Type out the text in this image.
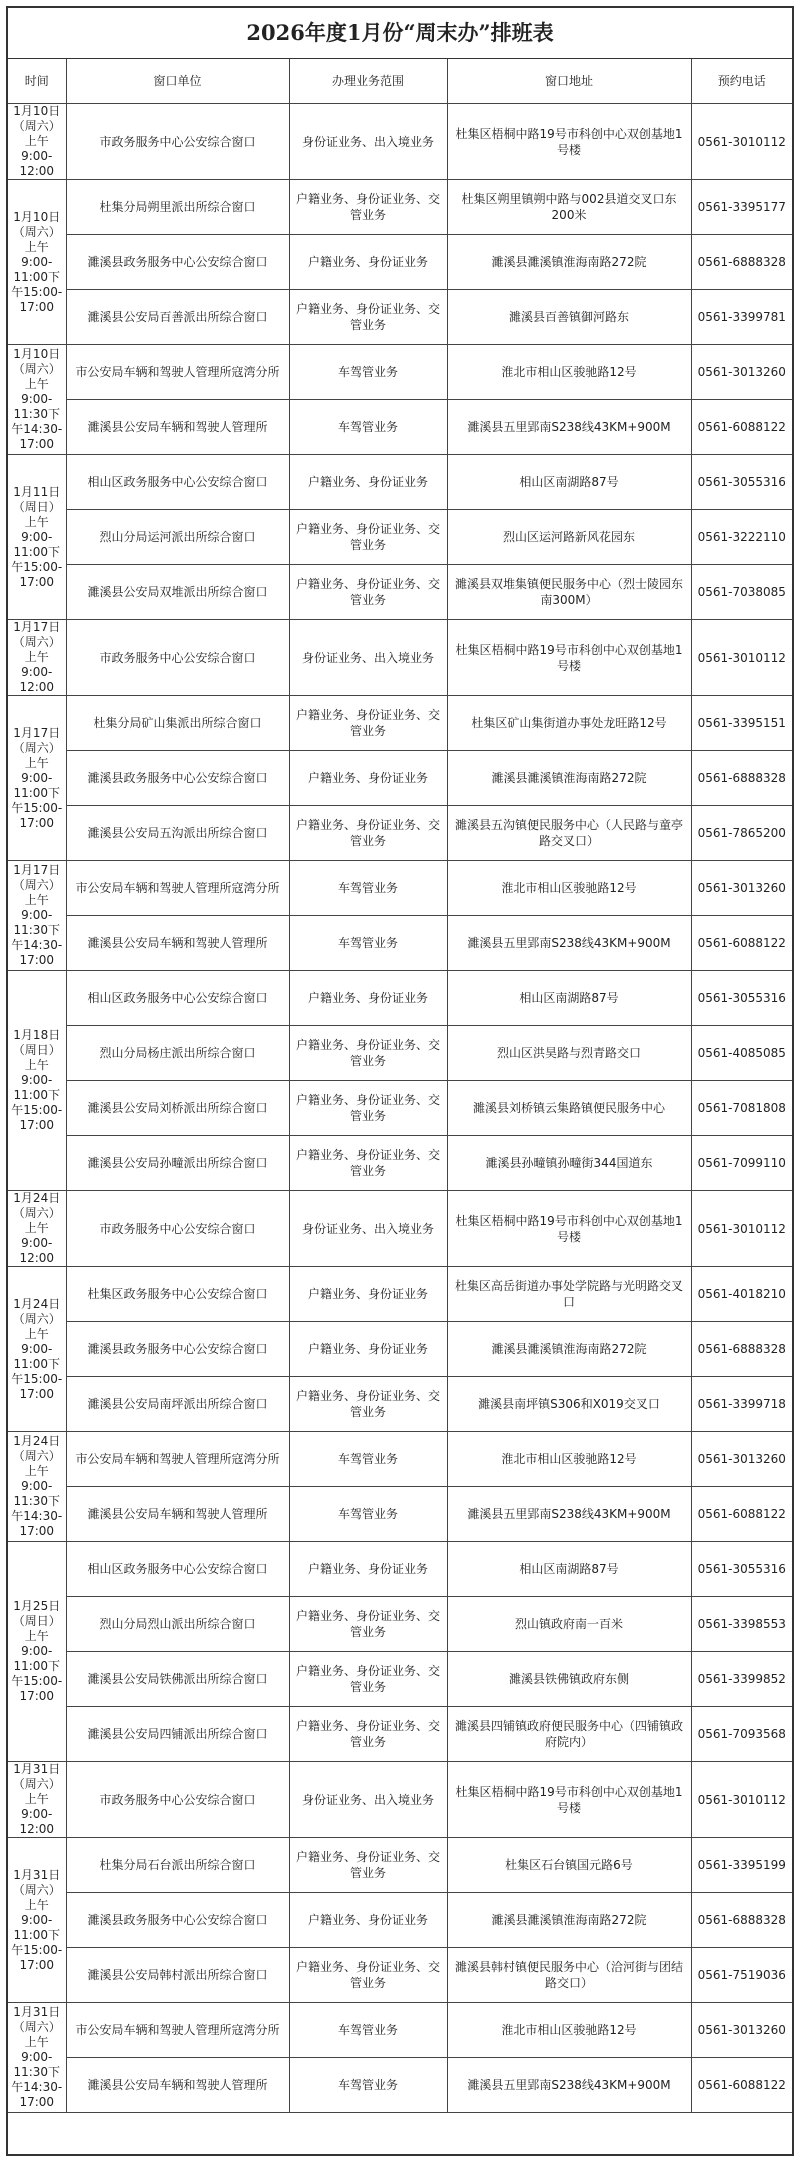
2026年度1月份“周末办”排班表
时间	窗口单位	办理业务范围	窗口地址	预约电话
1月10日（周六）上午9:00-12:00	市政务服务中心公安综合窗口	身份证业务、出入境业务	杜集区梧桐中路19号市科创中心双创基地1号楼	0561-3010112
1月10日（周六）上午9:00-11:00下午15:00-17:00	杜集分局朔里派出所综合窗口	户籍业务、身份证业务、交管业务	杜集区朔里镇朔中路与002县道交叉口东200米	0561-3395177
	濉溪县政务服务中心公安综合窗口	户籍业务、身份证业务	濉溪县濉溪镇淮海南路272院	0561-6888328
	濉溪县公安局百善派出所综合窗口	户籍业务、身份证业务、交管业务	濉溪县百善镇御河路东	0561-3399781
1月10日（周六）上午9:00-11:30下午14:30-17:00	市公安局车辆和驾驶人管理所寇湾分所	车驾管业务	淮北市相山区骏驰路12号	0561-3013260
	濉溪县公安局车辆和驾驶人管理所	车驾管业务	濉溪县五里郢南S238线43KM+900M	0561-6088122
1月11日（周日）上午9:00-11:00下午15:00-17:00	相山区政务服务中心公安综合窗口	户籍业务、身份证业务	相山区南湖路87号	0561-3055316
	烈山分局运河派出所综合窗口	户籍业务、身份证业务、交管业务	烈山区运河路新风花园东	0561-3222110
	濉溪县公安局双堆派出所综合窗口	户籍业务、身份证业务、交管业务	濉溪县双堆集镇便民服务中心（烈士陵园东南300M）	0561-7038085
1月17日（周六）上午9:00-12:00	市政务服务中心公安综合窗口	身份证业务、出入境业务	杜集区梧桐中路19号市科创中心双创基地1号楼	0561-3010112
1月17日（周六）上午9:00-11:00下午15:00-17:00	杜集分局矿山集派出所综合窗口	户籍业务、身份证业务、交管业务	杜集区矿山集街道办事处龙旺路12号	0561-3395151
	濉溪县政务服务中心公安综合窗口	户籍业务、身份证业务	濉溪县濉溪镇淮海南路272院	0561-6888328
	濉溪县公安局五沟派出所综合窗口	户籍业务、身份证业务、交管业务	濉溪县五沟镇便民服务中心（人民路与童亭路交叉口）	0561-7865200
1月17日（周六）上午9:00-11:30下午14:30-17:00	市公安局车辆和驾驶人管理所寇湾分所	车驾管业务	淮北市相山区骏驰路12号	0561-3013260
	濉溪县公安局车辆和驾驶人管理所	车驾管业务	濉溪县五里郢南S238线43KM+900M	0561-6088122
1月18日（周日）上午9:00-11:00下午15:00-17:00	相山区政务服务中心公安综合窗口	户籍业务、身份证业务	相山区南湖路87号	0561-3055316
	烈山分局杨庄派出所综合窗口	户籍业务、身份证业务、交管业务	烈山区洪昊路与烈青路交口	0561-4085085
	濉溪县公安局刘桥派出所综合窗口	户籍业务、身份证业务、交管业务	濉溪县刘桥镇云集路镇便民服务中心	0561-7081808
	濉溪县公安局孙疃派出所综合窗口	户籍业务、身份证业务、交管业务	濉溪县孙疃镇孙疃街344国道东	0561-7099110
1月24日（周六）上午9:00-12:00	市政务服务中心公安综合窗口	身份证业务、出入境业务	杜集区梧桐中路19号市科创中心双创基地1号楼	0561-3010112
1月24日（周六）上午9:00-11:00下午15:00-17:00	杜集区政务服务中心公安综合窗口	户籍业务、身份证业务	杜集区高岳街道办事处学院路与光明路交叉口	0561-4018210
	濉溪县政务服务中心公安综合窗口	户籍业务、身份证业务	濉溪县濉溪镇淮海南路272院	0561-6888328
	濉溪县公安局南坪派出所综合窗口	户籍业务、身份证业务、交管业务	濉溪县南坪镇S306和X019交叉口	0561-3399718
1月24日（周六）上午9:00-11:30下午14:30-17:00	市公安局车辆和驾驶人管理所寇湾分所	车驾管业务	淮北市相山区骏驰路12号	0561-3013260
	濉溪县公安局车辆和驾驶人管理所	车驾管业务	濉溪县五里郢南S238线43KM+900M	0561-6088122
1月25日（周日）上午9:00-11:00下午15:00-17:00	相山区政务服务中心公安综合窗口	户籍业务、身份证业务	相山区南湖路87号	0561-3055316
	烈山分局烈山派出所综合窗口	户籍业务、身份证业务、交管业务	烈山镇政府南一百米	0561-3398553
	濉溪县公安局铁佛派出所综合窗口	户籍业务、身份证业务、交管业务	濉溪县铁佛镇政府东侧	0561-3399852
	濉溪县公安局四铺派出所综合窗口	户籍业务、身份证业务、交管业务	濉溪县四铺镇政府便民服务中心（四铺镇政府院内）	0561-7093568
1月31日（周六）上午9:00-12:00	市政务服务中心公安综合窗口	身份证业务、出入境业务	杜集区梧桐中路19号市科创中心双创基地1号楼	0561-3010112
1月31日（周六）上午9:00-11:00下午15:00-17:00	杜集分局石台派出所综合窗口	户籍业务、身份证业务、交管业务	杜集区石台镇国元路6号	0561-3395199
	濉溪县政务服务中心公安综合窗口	户籍业务、身份证业务	濉溪县濉溪镇淮海南路272院	0561-6888328
	濉溪县公安局韩村派出所综合窗口	户籍业务、身份证业务、交管业务	濉溪县韩村镇便民服务中心（洽河街与团结路交口）	0561-7519036
1月31日（周六）上午9:00-11:30下午14:30-17:00	市公安局车辆和驾驶人管理所寇湾分所	车驾管业务	淮北市相山区骏驰路12号	0561-3013260
	濉溪县公安局车辆和驾驶人管理所	车驾管业务	濉溪县五里郢南S238线43KM+900M	0561-6088122
